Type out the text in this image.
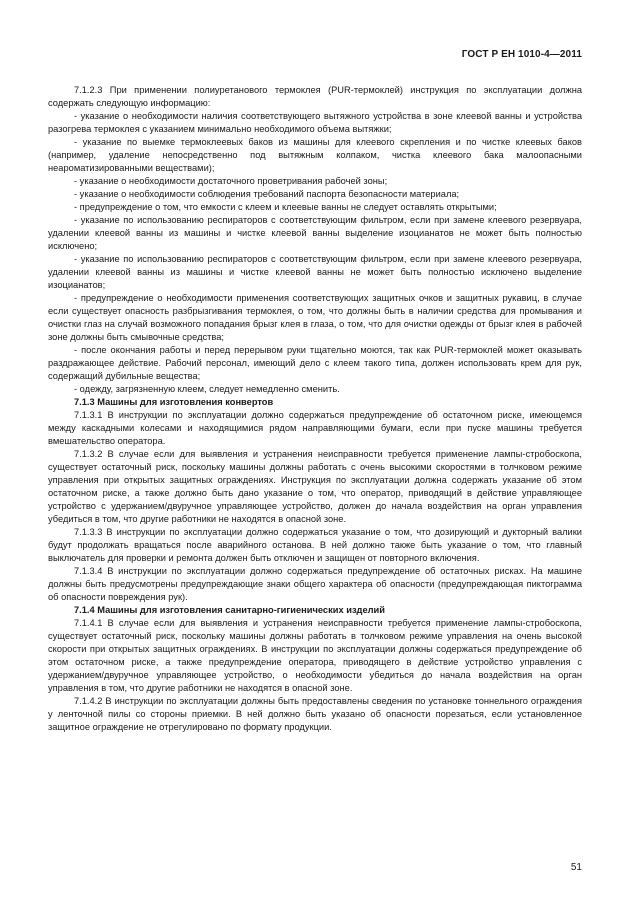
ГОСТ Р ЕН 1010-4—2011

7.1.2.3 При применении полиуретанового термоклея (PUR-термоклей) инструкция по эксплуатации должна содержать следующую информацию:

- указание о необходимости наличия соответствующего вытяжного устройства в зоне клеевой ванны и устройства разогрева термоклея с указанием минимально необходимого объема вытяжки;

- указание по выемке термоклеевых баков из машины для клеевого скрепления и по чистке клеевых баков (например, удаление непосредственно под вытяжным колпаком, чистка клеевого бака малоопасными неароматизированными веществами);

- указание о необходимости достаточного проветривания рабочей зоны;

- указание о необходимости соблюдения требований паспорта безопасности материала;

- предупреждение о том, что емкости с клеем и клеевые ванны не следует оставлять открытыми;

- указание по использованию респираторов с соответствующим фильтром, если при замене клеевого резервуара, удалении клеевой ванны из машины и чистке клеевой ванны выделение изоцианатов не может быть полностью исключено;

- указание по использованию респираторов с соответствующим фильтром, если при замене клеевого резервуара, удалении клеевой ванны из машины и чистке клеевой ванны не может быть полностью исключено выделение изоцианатов;

- предупреждение о необходимости применения соответствующих защитных очков и защитных рукавиц, в случае если существует опасность разбрызгивания термоклея, о том, что должны быть в наличии средства для промывания и очистки глаз на случай возможного попадания брызг клея в глаза, о том, что для очистки одежды от брызг клея в рабочей зоне должны быть смывочные средства;

- после окончания работы и перед перерывом руки тщательно моются, так как PUR-термоклей может оказывать раздражающее действие. Рабочий персонал, имеющий дело с клеем такого типа, должен использовать крем для рук, содержащий дубильные вещества;

- одежду, загрязненную клеем, следует немедленно сменить.

7.1.3 Машины для изготовления конвертов

7.1.3.1 В инструкции по эксплуатации должно содержаться предупреждение об остаточном риске, имеющемся между каскадными колесами и находящимися рядом направляющими бумаги, если при пуске машины требуется вмешательство оператора.

7.1.3.2 В случае если для выявления и устранения неисправности требуется применение лампы-стробоскопа, существует остаточный риск, поскольку машины должны работать с очень высокими скоростями в толчковом режиме управления при открытых защитных ограждениях. Инструкция по эксплуатации должна содержать указание об этом остаточном риске, а также должно быть дано указание о том, что оператор, приводящий в действие управляющее устройство с удержанием/двуручное управляющее устройство, должен до начала воздействия на орган управления убедиться в том, что другие работники не находятся в опасной зоне.

7.1.3.3 В инструкции по эксплуатации должно содержаться указание о том, что дозирующий и дукторный валики будут продолжать вращаться после аварийного останова. В ней должно также быть указание о том, что главный выключатель для проверки и ремонта должен быть отключен и защищен от повторного включения.

7.1.3.4 В инструкции по эксплуатации должно содержаться предупреждение об остаточных рисках. На машине должны быть предусмотрены предупреждающие знаки общего характера об опасности (предупреждающая пиктограмма об опасности повреждения рук).

7.1.4 Машины для изготовления санитарно-гигиенических изделий

7.1.4.1 В случае если для выявления и устранения неисправности требуется применение лампы-стробоскопа, существует остаточный риск, поскольку машины должны работать в толчковом режиме управления на очень высокой скорости при открытых защитных ограждениях. В инструкции по эксплуатации должны содержаться предупреждение об этом остаточном риске, а также предупреждение оператора, приводящего в действие устройство управления с удержанием/двуручное управляющее устройство, о необходимости убедиться до начала воздействия на орган управления в том, что другие работники не находятся в опасной зоне.

7.1.4.2 В инструкции по эксплуатации должны быть предоставлены сведения по установке тоннельного ограждения у ленточной пилы со стороны приемки. В ней должно быть указано об опасности порезаться, если установленное защитное ограждение не отрегулировано по формату продукции.

51
